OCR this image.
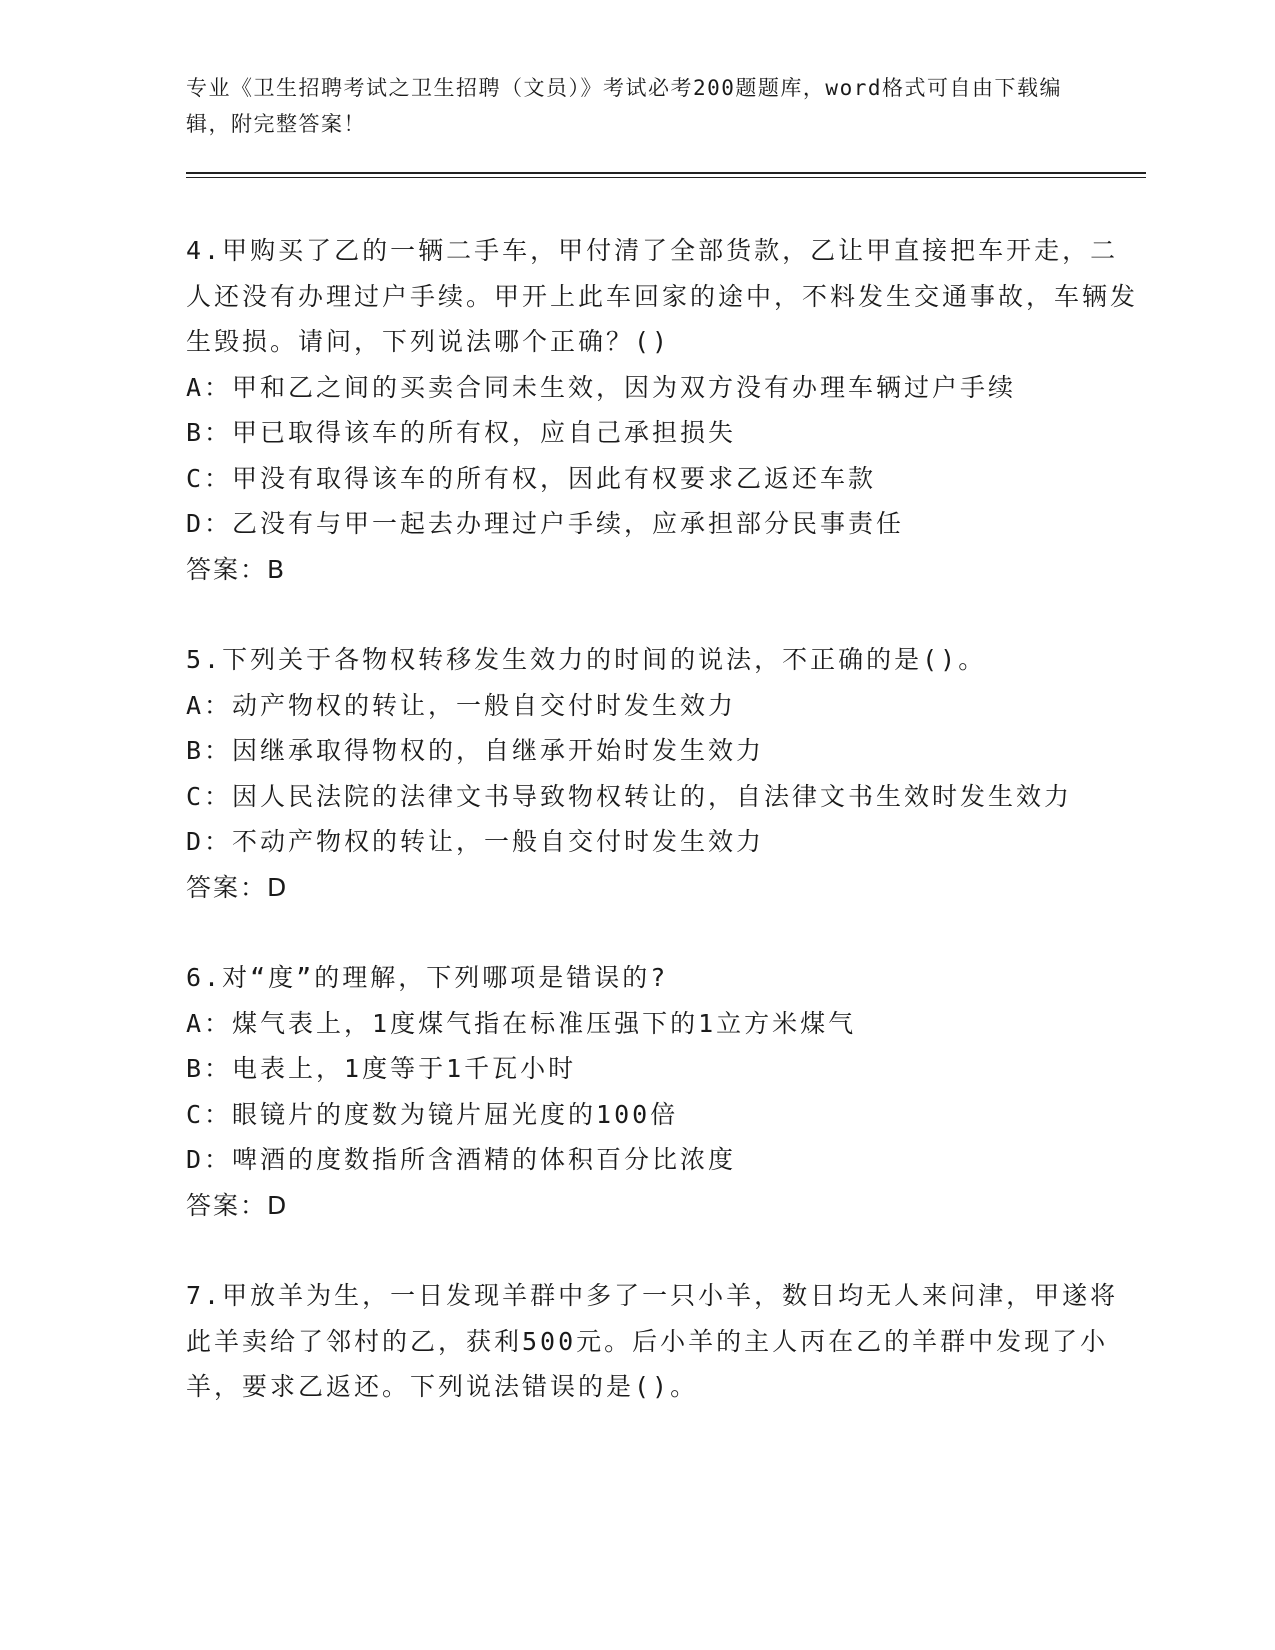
专业《卫生招聘考试之卫生招聘（文员）》考试必考200题题库，word格式可自由下载编辑，附完整答案！

4.甲购买了乙的一辆二手车，甲付清了全部货款，乙让甲直接把车开走，二人还没有办理过户手续。甲开上此车回家的途中，不料发生交通事故，车辆发生毁损。请问，下列说法哪个正确？()

A：甲和乙之间的买卖合同未生效，因为双方没有办理车辆过户手续

B：甲已取得该车的所有权，应自己承担损失

C：甲没有取得该车的所有权，因此有权要求乙返还车款

D：乙没有与甲一起去办理过户手续，应承担部分民事责任

答案：B

5.下列关于各物权转移发生效力的时间的说法，不正确的是()。

A：动产物权的转让，一般自交付时发生效力

B：因继承取得物权的，自继承开始时发生效力

C：因人民法院的法律文书导致物权转让的，自法律文书生效时发生效力

D：不动产物权的转让，一般自交付时发生效力

答案：D

6.对“度”的理解，下列哪项是错误的?

A：煤气表上，1度煤气指在标准压强下的1立方米煤气

B：电表上，1度等于1千瓦小时

C：眼镜片的度数为镜片屈光度的100倍

D：啤酒的度数指所含酒精的体积百分比浓度

答案：D

7.甲放羊为生，一日发现羊群中多了一只小羊，数日均无人来问津，甲遂将此羊卖给了邻村的乙，获利500元。后小羊的主人丙在乙的羊群中发现了小羊，要求乙返还。下列说法错误的是()。
